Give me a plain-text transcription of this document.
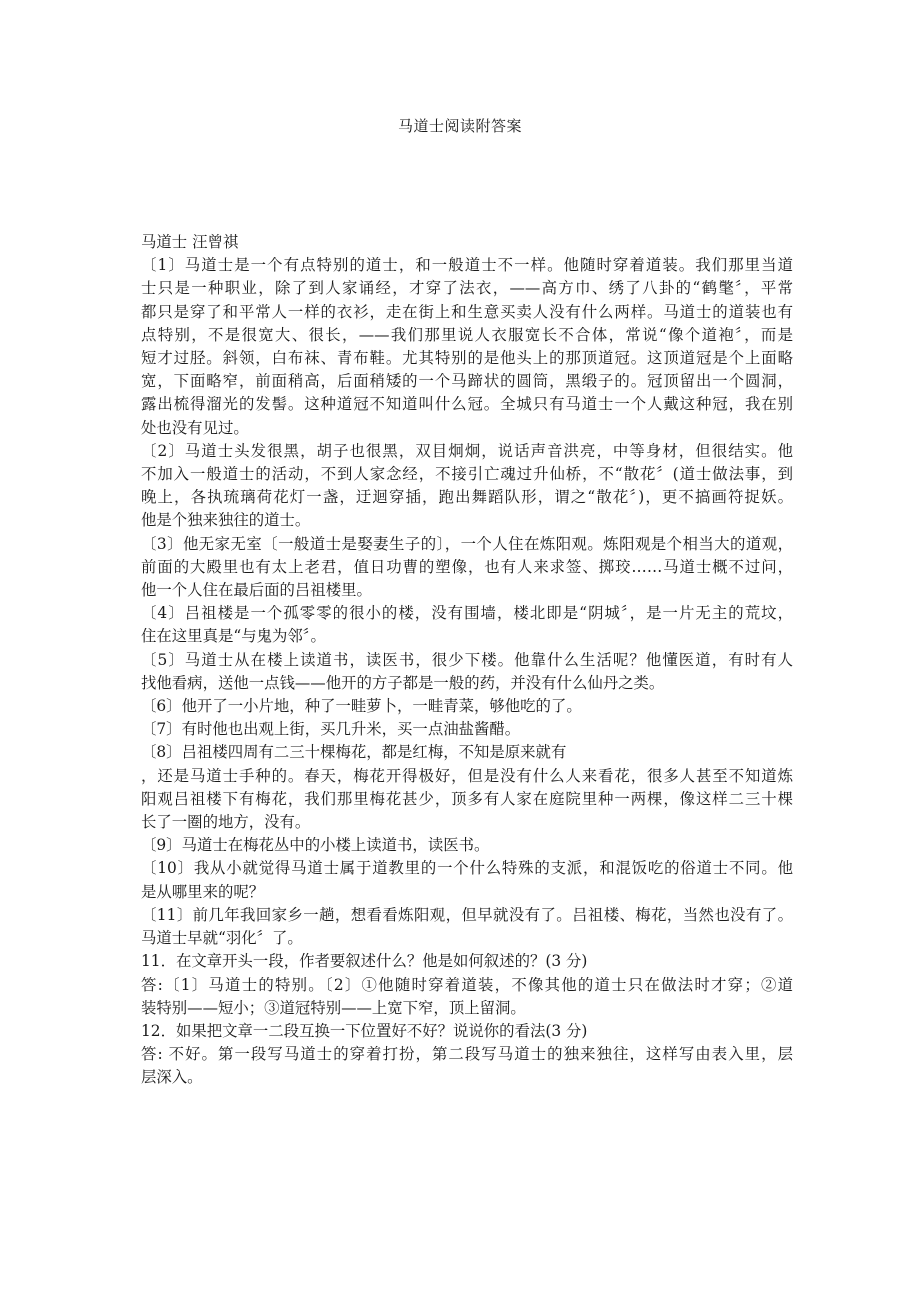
马道士阅读附答案
马道士 汪曾祺
〔1〕马道士是一个有点特别的道士，和一般道士不一样。他随时穿着道装。我们那里当道
士只是一种职业，除了到人家诵经，才穿了法衣，——高方巾、绣了八卦的“鹤氅〞，平常
都只是穿了和平常人一样的衣衫，走在街上和生意买卖人没有什么两样。马道士的道装也有
点特别，不是很宽大、很长，——我们那里说人衣服宽长不合体，常说“像个道袍〞，而是
短才过胫。斜领，白布袜、青布鞋。尤其特别的是他头上的那顶道冠。这顶道冠是个上面略
宽，下面略窄，前面稍高，后面稍矮的一个马蹄状的圆筒，黑缎子的。冠顶留出一个圆洞，
露出梳得溜光的发髻。这种道冠不知道叫什么冠。全城只有马道士一个人戴这种冠，我在别
处也没有见过。
〔2〕马道士头发很黑，胡子也很黑，双目炯炯，说话声音洪亮，中等身材，但很结实。他
不加入一般道士的活动，不到人家念经，不接引亡魂过升仙桥，不“散花〞(道士做法事，到
晚上，各执琉璃荷花灯一盏，迂迴穿插，跑出舞蹈队形，谓之“散花〞)，更不搞画符捉妖。
他是个独来独往的道士。
〔3〕他无家无室〔一般道士是娶妻生子的〕，一个人住在炼阳观。炼阳观是个相当大的道观，
前面的大殿里也有太上老君，值日功曹的塑像，也有人来求签、掷珓……马道士概不过问，
他一个人住在最后面的吕祖楼里。
〔4〕吕祖楼是一个孤零零的很小的楼，没有围墙，楼北即是“阴城〞，是一片无主的荒坟，
住在这里真是“与鬼为邻〞。
〔5〕马道士从在楼上读道书，读医书，很少下楼。他靠什么生活呢？他懂医道，有时有人
找他看病，送他一点钱——他开的方子都是一般的药，并没有什么仙丹之类。
〔6〕他开了一小片地，种了一畦萝卜，一畦青菜，够他吃的了。
〔7〕有时他也出观上街，买几升米，买一点油盐酱醋。
〔8〕吕祖楼四周有二三十棵梅花，都是红梅，不知是原来就有
，还是马道士手种的。春天，梅花开得极好，但是没有什么人来看花，很多人甚至不知道炼
阳观吕祖楼下有梅花，我们那里梅花甚少，顶多有人家在庭院里种一两棵，像这样二三十棵
长了一圈的地方，没有。
〔9〕马道士在梅花丛中的小楼上读道书，读医书。
〔10〕我从小就觉得马道士属于道教里的一个什么特殊的支派，和混饭吃的俗道士不同。他
是从哪里来的呢？
〔11〕前几年我回家乡一趟，想看看炼阳观，但早就没有了。吕祖楼、梅花，当然也没有了。
马道士早就“羽化〞了。
11．在文章开头一段，作者要叙述什么？他是如何叙述的？(3 分)
答:〔1〕马道士的特别。〔2〕①他随时穿着道装，不像其他的道士只在做法时才穿；②道
装特别——短小；③道冠特别——上宽下窄，顶上留洞。
12．如果把文章一二段互换一下位置好不好？说说你的看法(3 分)
答: 不好。第一段写马道士的穿着打扮，第二段写马道士的独来独往，这样写由表入里，层
层深入。
